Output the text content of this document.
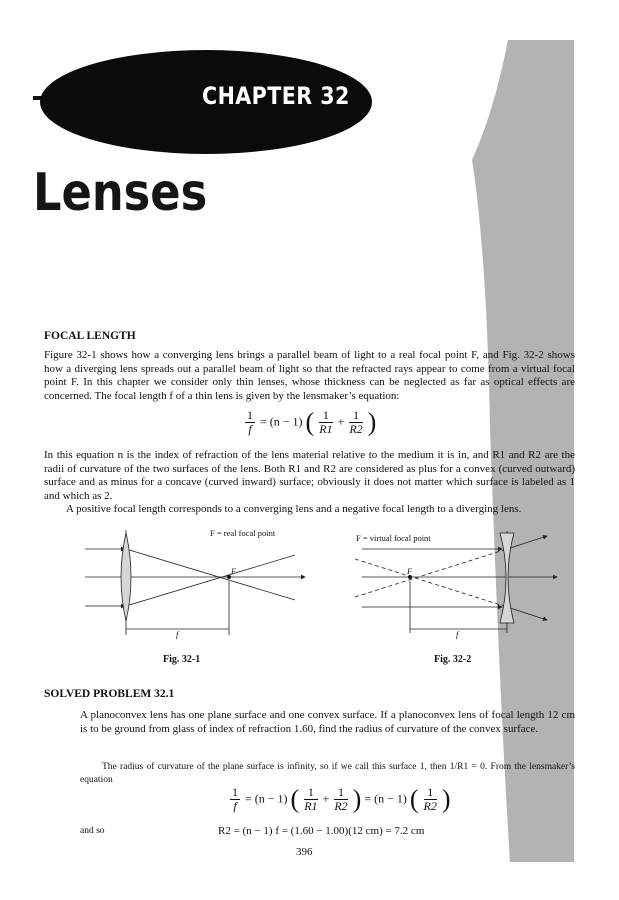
CHAPTER 32
Lenses
FOCAL LENGTH

Figure 32-1 shows how a converging lens brings a parallel beam of light to a real focal point F, and Fig. 32-2 shows how a diverging lens spreads out a parallel beam of light so that the refracted rays appear to come from a virtual focal point F. In this chapter we consider only thin lenses, whose thickness can be neglected as far as optical effects are concerned. The focal length f of a thin lens is given by the lensmaker’s equation:

$\frac{1}{f} = (n - 1)$ ( $\frac{1}{R1} + \frac{1}{R2}$ )

In this equation n is the index of refraction of the lens material relative to the medium it is in, and R1 and R2 are the radii of curvature of the two surfaces of the lens. Both R1 and R2 are considered as plus for a convex (curved outward) surface and as minus for a concave (curved inward) surface; obviously it does not matter which surface is labeled as 1 and which as 2.

A positive focal length corresponds to a converging lens and a negative focal length to a diverging lens.

F = real focal point
F
f
Fig. 32-1
F = virtual focal point
F
f
Fig. 32-2
SOLVED PROBLEM 32.1

A planoconvex lens has one plane surface and one convex surface. If a planoconvex lens of focal length 12 cm is to be ground from glass of index of refraction 1.60, find the radius of curvature of the convex surface.

The radius of curvature of the plane surface is infinity, so if we call this surface 1, then 1/R1 = 0. From the lensmaker’s equation
$\frac{1}{f} = (n - 1)$ ( $\frac{1}{R1} + \frac{1}{R2}$ ) = (n − 1) ( $\frac{1}{R2}$ )
and so	R2 = (n − 1) f = (1.60 − 1.00)(12 cm) = 7.2 cm
396
